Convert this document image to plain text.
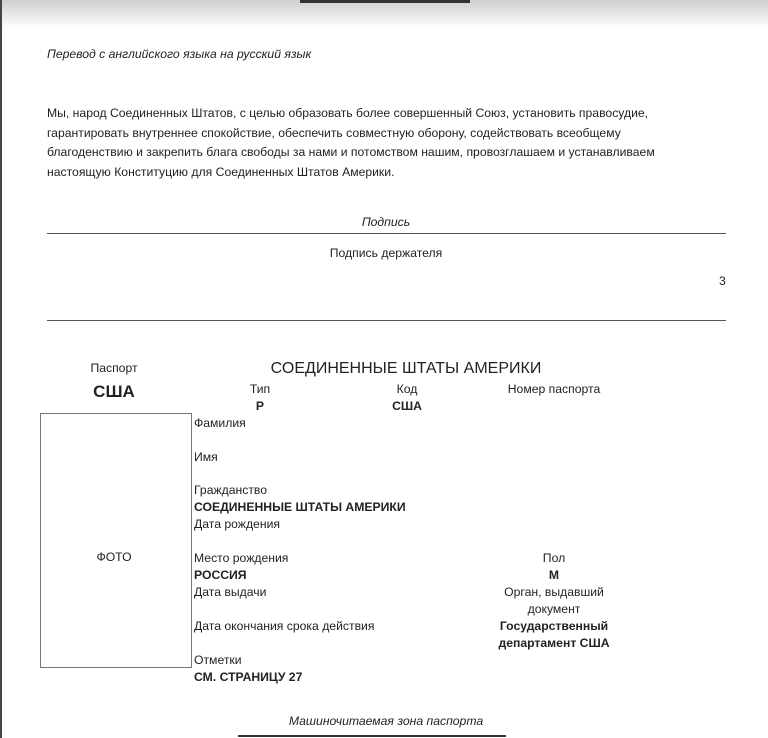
Перевод с английского языка на русский язык
Мы, народ Соединенных Штатов, с целью образовать более совершенный Союз, установить правосудие,
гарантировать внутреннее спокойствие, обеспечить совместную оборону, содействовать всеобщему
благоденствию и закрепить блага свободы за нами и потомством нашим, провозглашаем и устанавливаем
настоящую Конституцию для Соединенных Штатов Америки.
Подпись
Подпись держателя
3
Паспорт
США
СОЕДИНЕННЫЕ ШТАТЫ АМЕРИКИ
Тип
P
Код
США
Номер паспорта
ФОТО
Фамилия
Имя
Гражданство
СОЕДИНЕННЫЕ ШТАТЫ АМЕРИКИ
Дата рождения
Место рождения
РОССИЯ
Дата выдачи
Дата окончания срока действия
Отметки
СМ. СТРАНИЦУ 27
Пол
M
Орган, выдавший
документ
Государственный
департамент США
Машиночитаемая зона паспорта
